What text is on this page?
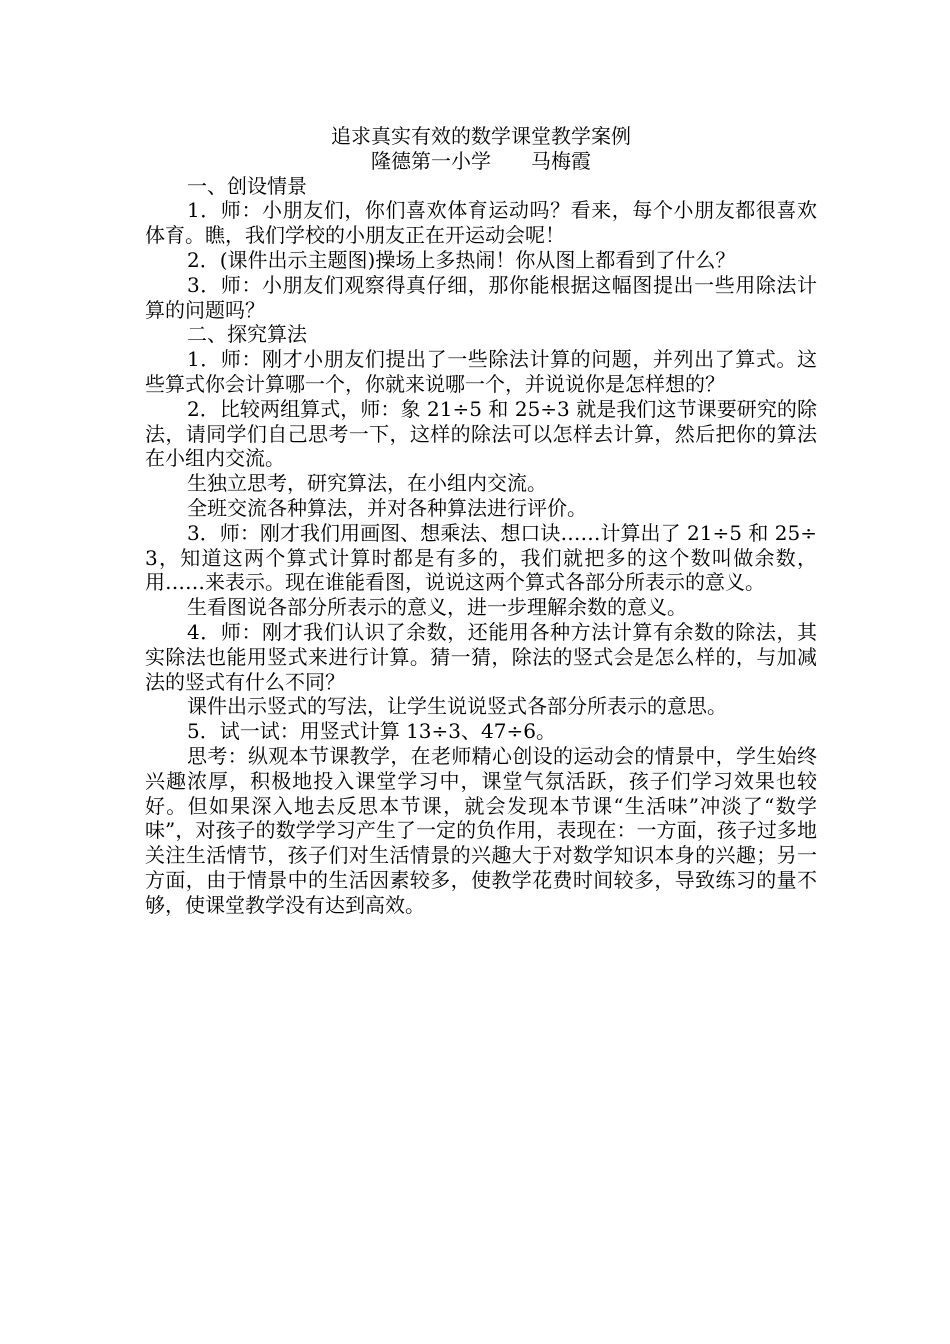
追求真实有效的数学课堂教学案例

隆德第一小学　　马梅霞

一、创设情景

1．师：小朋友们，你们喜欢体育运动吗？看来，每个小朋友都很喜欢体育。瞧，我们学校的小朋友正在开运动会呢！

2．(课件出示主题图)操场上多热闹！你从图上都看到了什么？

3．师：小朋友们观察得真仔细，那你能根据这幅图提出一些用除法计算的问题吗？

二、探究算法

1．师：刚才小朋友们提出了一些除法计算的问题，并列出了算式。这些算式你会计算哪一个，你就来说哪一个，并说说你是怎样想的？

2．比较两组算式，师：象 21÷5 和 25÷3 就是我们这节课要研究的除法，请同学们自己思考一下，这样的除法可以怎样去计算，然后把你的算法在小组内交流。

生独立思考，研究算法，在小组内交流。

全班交流各种算法，并对各种算法进行评价。

3．师：刚才我们用画图、想乘法、想口诀……计算出了 21÷5 和 25÷3，知道这两个算式计算时都是有多的，我们就把多的这个数叫做余数，用……来表示。现在谁能看图，说说这两个算式各部分所表示的意义。

生看图说各部分所表示的意义，进一步理解余数的意义。

4．师：刚才我们认识了余数，还能用各种方法计算有余数的除法，其实除法也能用竖式来进行计算。猜一猜，除法的竖式会是怎么样的，与加减法的竖式有什么不同？

课件出示竖式的写法，让学生说说竖式各部分所表示的意思。

5．试一试：用竖式计算 13÷3、47÷6。

思考：纵观本节课教学，在老师精心创设的运动会的情景中，学生始终兴趣浓厚，积极地投入课堂学习中，课堂气氛活跃，孩子们学习效果也较好。但如果深入地去反思本节课，就会发现本节课“生活味”冲淡了“数学味”，对孩子的数学学习产生了一定的负作用，表现在：一方面，孩子过多地关注生活情节，孩子们对生活情景的兴趣大于对数学知识本身的兴趣；另一方面，由于情景中的生活因素较多，使教学花费时间较多，导致练习的量不够，使课堂教学没有达到高效。
